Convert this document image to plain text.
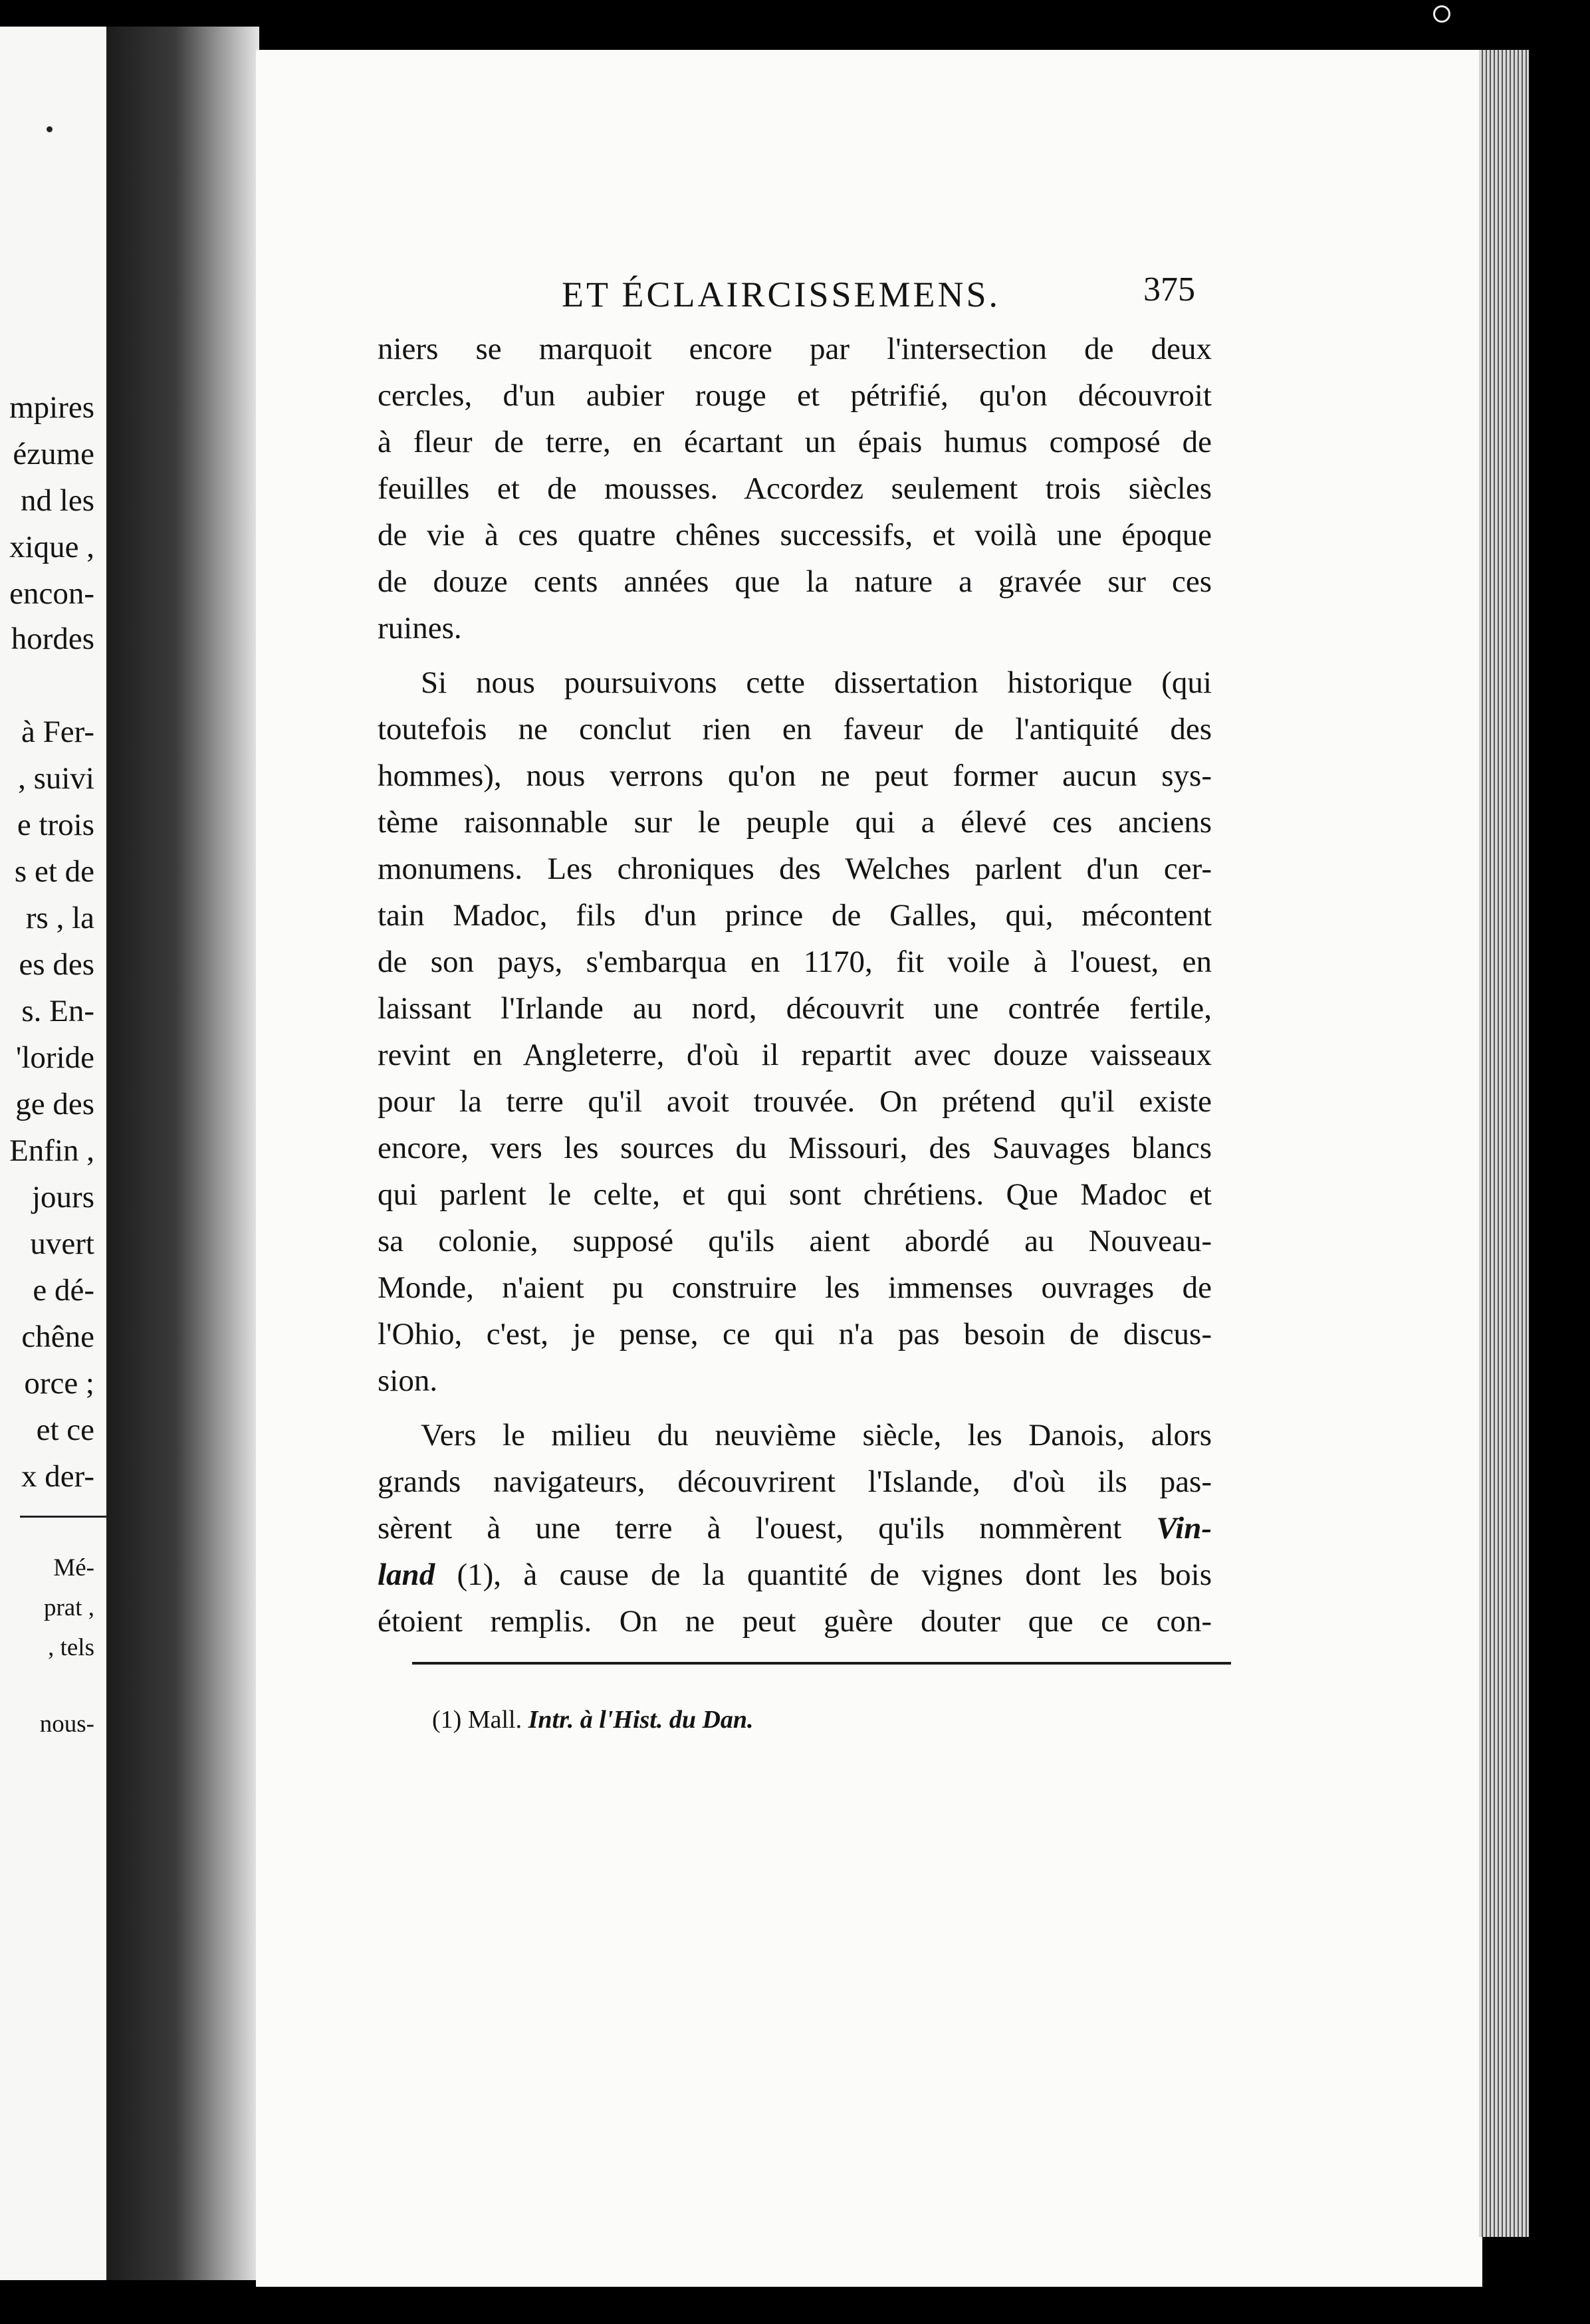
mpires
ézume
nd les
xique ,
encon-
hordes
à Fer-
, suivi
e trois
s et de
rs , la
es des
s. En-
'loride
ge des
Enfin ,
jours
uvert
e dé-
chêne
orce ;
et ce
x der-
Mé-
prat ,
, tels
nous-
ET ÉCLAIRCISSEMENS.	375
niers se marquoit encore par l'intersection de deux
cercles, d'un aubier rouge et pétrifié, qu'on découvroit
à fleur de terre, en écartant un épais humus composé de
feuilles et de mousses. Accordez seulement trois siècles
de vie à ces quatre chênes successifs, et voilà une époque
de douze cents années que la nature a gravée sur ces
ruines.
Si nous poursuivons cette dissertation historique (qui
toutefois ne conclut rien en faveur de l'antiquité des
hommes), nous verrons qu'on ne peut former aucun sys-
tème raisonnable sur le peuple qui a élevé ces anciens
monumens. Les chroniques des Welches parlent d'un cer-
tain Madoc, fils d'un prince de Galles, qui, mécontent
de son pays, s'embarqua en 1170, fit voile à l'ouest, en
laissant l'Irlande au nord, découvrit une contrée fertile,
revint en Angleterre, d'où il repartit avec douze vaisseaux
pour la terre qu'il avoit trouvée. On prétend qu'il existe
encore, vers les sources du Missouri, des Sauvages blancs
qui parlent le celte, et qui sont chrétiens. Que Madoc et
sa colonie, supposé qu'ils aient abordé au Nouveau-
Monde, n'aient pu construire les immenses ouvrages de
l'Ohio, c'est, je pense, ce qui n'a pas besoin de discus-
sion.
Vers le milieu du neuvième siècle, les Danois, alors
grands navigateurs, découvrirent l'Islande, d'où ils pas-
sèrent à une terre à l'ouest, qu'ils nommèrent Vin-
land (1), à cause de la quantité de vignes dont les bois
étoient remplis. On ne peut guère douter que ce con-
(1) Mall. Intr. à l'Hist. du Dan.
